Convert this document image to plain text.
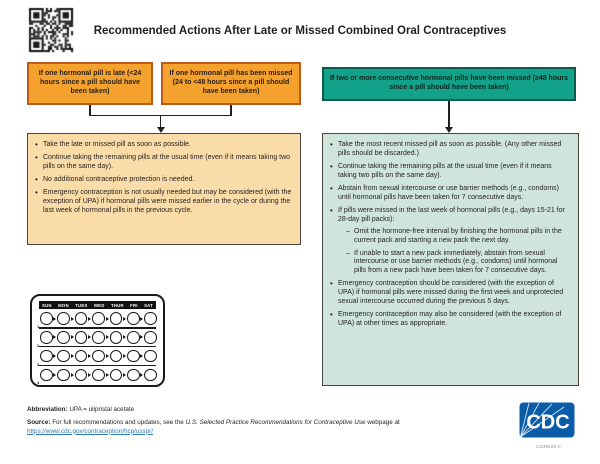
Recommended Actions After Late or Missed Combined Oral Contraceptives
If one hormonal pill is late (<24 hours since a pill should have been taken)
If one hormonal pill has been missed (24 to <48 hours since a pill should have been taken)
If two or more consecutive hormonal pills have been missed (≥48 hours since a pill should have been taken)
• Take the late or missed pill as soon as possible.
• Continue taking the remaining pills at the usual time (even if it means taking two pills on the same day).
• No additional contraceptive protection is needed.
• Emergency contraception is not usually needed but may be considered (with the exception of UPA) if hormonal pills were missed earlier in the cycle or during the last week of hormonal pills in the previous cycle.
• Take the most recent missed pill as soon as possible. (Any other missed pills should be discarded.)
• Continue taking the remaining pills at the usual time (even if it means taking two pills on the same day).
• Abstain from sexual intercourse or use barrier methods (e.g., condoms) until hormonal pills have been taken for 7 consecutive days.
• If pills were missed in the last week of hormonal pills (e.g., days 15-21 for 28-day pill packs):
– Omit the hormone-free interval by finishing the hormonal pills in the current pack and starting a new pack the next day.
– If unable to start a new pack immediately, abstain from sexual intercourse or use barrier methods (e.g., condoms) until hormonal pills from a new pack have been taken for 7 consecutive days.
• Emergency contraception should be considered (with the exception of UPA) if hormonal pills were missed during the first week and unprotected sexual intercourse occurred during the previous 5 days.
• Emergency contraception may also be considered (with the exception of UPA) at other times as appropriate.
SUN MON TUES WED THUR FRI SAT
1
2
3
4
Abbreviation: UPA = ulipristal acetate
Source: For full recommendations and updates, see the U.S. Selected Practice Recommendations for Contraceptive Use webpage at https://www.cdc.gov/contraception/hcp/usspr/	CDC
CS39628-C
